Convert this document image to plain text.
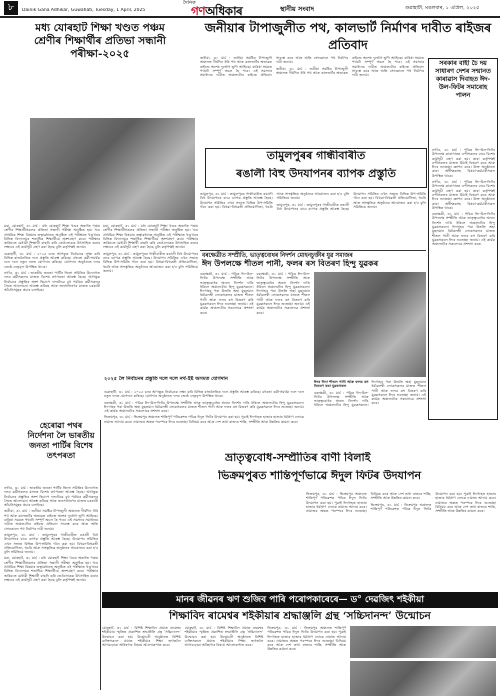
৮	Dainik Gana Adhikar, Guwahati, Tuesday, 1 April, 2025
দৈনিক
গণঅধিকাৰ	স্থানীয় সংবাদ	গুৱাহাটী, মঙলবাৰ, ১ এপ্ৰিল, ২০২৫
মধ্য যোৰহাট শিক্ষা খণ্ডত পঞ্চম শ্ৰেণীৰ শিক্ষাৰ্থীৰ প্ৰতিভা সন্ধানী পৰীক্ষা-২০২৫

মৰা, যোৰহাট, ৩১ মাৰ্চ : মধ্য যোৰহাট শিক্ষা খণ্ডৰ অন্তৰ্গত পঞ্চম শ্ৰেণীৰ শিক্ষাৰ্থীসকলৰ প্ৰতিভা সন্ধানী পৰীক্ষা অনুষ্ঠিত হয়। খণ্ড প্ৰাথমিক শিক্ষা বিষয়াৰ তত্বাৱধানত অনুষ্ঠিত এই পৰীক্ষাত খণ্ডখনৰ বিভিন্ন বিদ্যালয়ৰ শতাধিক শিক্ষাৰ্থীয়ে অংশগ্ৰহণ কৰে। পৰীক্ষাৰ জৰিয়তে মেধাৱী শিক্ষাৰ্থী বাছনি কৰি তেওঁলোকক উৎসাহিত কৰাৰ লক্ষ্যৰে এই কাৰ্যসূচী গ্ৰহণ কৰা হৈছে বুলি কৰ্তৃপক্ষই জনায়।

গুৱাহাটী, ৩১ মাৰ্চ : ২০২৫ চনৰ আগন্তুক নিৰ্বাচনক লক্ষ্য কৰি বিভিন্ন ৰাজনৈতিক দলে প্ৰস্তুতি আৰম্ভ কৰিছে। বহুতো কৰ্মী-সমৰ্থক দলে দলে নতুন দলত যোগদান কৰিছে। যোগদান অনুষ্ঠানত দলৰ জ্যেষ্ঠ নেতৃবৃন্দ উপস্থিত থাকে।

নগাঁও, ৩১ মাৰ্চ : ভাৰতীয় জনতা পাৰ্টিৰ জিলা সমিতিৰ উদ্যোগত দলৰ কৰ্মীসকলৰ মাজত বিশেষ তৎপৰতা আৰম্ভ হৈছে। আগন্তুক নিৰ্বাচনৰ প্ৰস্তুতিৰ অংশ হিচাপে দলটোৱে বুথ পৰ্যায়ৰ কৰ্মীসকলৰ সৈতে আলোচনা আৰম্ভ কৰিছে আৰু জনসাধাৰণৰ মাজত চৰকাৰী আঁচনিসমূহৰ প্ৰচাৰ চলাইছে।

মৰা, যোৰহাট, ৩১ মাৰ্চ : মধ্য যোৰহাট শিক্ষা খণ্ডৰ অন্তৰ্গত পঞ্চম শ্ৰেণীৰ শিক্ষাৰ্থীসকলৰ প্ৰতিভা সন্ধানী পৰীক্ষা অনুষ্ঠিত হয়। খণ্ড প্ৰাথমিক শিক্ষা বিষয়াৰ তত্বাৱধানত অনুষ্ঠিত এই পৰীক্ষাত খণ্ডখনৰ বিভিন্ন বিদ্যালয়ৰ শতাধিক শিক্ষাৰ্থীয়ে অংশগ্ৰহণ কৰে। পৰীক্ষাৰ জৰিয়তে মেধাৱী শিক্ষাৰ্থী বাছনি কৰি তেওঁলোকক উৎসাহিত কৰাৰ লক্ষ্যৰে এই কাৰ্যসূচী গ্ৰহণ কৰা হৈছে বুলি কৰ্তৃপক্ষই জনায়।

তামুলপুৰ, ৩১ মাৰ্চ : তামুলপুৰৰ গান্ধীবাৰীত ৰঙালী বিহু উদযাপনৰ বাবে ব্যাপক প্ৰস্তুতি আৰম্ভ হৈছে। উদযাপন সমিতিৰ এখন সভাত বিভিন্ন উপ-সমিতি গঠন কৰা হয়। বিহুৱা-বিহুৱতী প্ৰতিযোগিতা, হুচৰি আৰু সাংস্কৃতিক অনুষ্ঠানৰ আয়োজন কৰা হ'ব বুলি সমিতিয়ে জনায়।

২০২৫ লৈ নিৰ্বাচনৰ প্ৰস্তুতি দলে দলে নৰ্থ-ইষ্ট অসমত যোগদান

গুৱাহাটী, ৩১ মাৰ্চ : ২০২৫ চনৰ আগন্তুক নিৰ্বাচনক লক্ষ্য কৰি বিভিন্ন ৰাজনৈতিক দলে প্ৰস্তুতি আৰম্ভ কৰিছে। বহুতো কৰ্মী-সমৰ্থক দলে দলে নতুন দলত যোগদান কৰিছে। যোগদান অনুষ্ঠানত দলৰ জ্যেষ্ঠ নেতৃবৃন্দ উপস্থিত থাকে।

বৰক্ষেত্ৰী, ৩১ মাৰ্চ : পবিত্ৰ ঈদ-উল-ফিটৰ উপলক্ষে সম্প্ৰীতি আৰু ভাতৃত্ববোধৰ অনন্য নিদৰ্শন দাঙি ধৰিলে অঞ্চলটোৰ হিন্দু যুৱকসকলে। ঈদগাহৰ পৰা উভতি অহা মুছলমান ধৰ্মাৱলম্বী লোকসকলৰ মাজত শীতল পানী আৰু ফলৰ ৰস বিতৰণ কৰি যুৱকসকলে ঈদৰ শুভেচ্ছা জনায়। এই কাৰ্যক অঞ্চলটোৰ সকলোৱে প্ৰশংসা কৰে।

ভিক্ৰমপুৰ, ৩১ মাৰ্চ : ভিক্ৰমপুৰ অঞ্চলত শান্তিপূৰ্ণ পৰিৱেশত পবিত্ৰ ঈদুল ফিটৰ উদযাপন কৰা হয়। পুৱাই ঈদগাহত হাজাৰ হাজাৰ ধৰ্মপ্ৰাণ লোকে নামাজ আদায় কৰে। নামাজৰ অন্তত পৰস্পৰে ঈদৰ শুভেচ্ছা বিনিময় কৰে আৰু দেশ তথা ৰাজ্যৰ শান্তি, সম্প্ৰীতি আৰু উন্নতিৰ কামনা কৰে।

হেৰোৱা পথৰ নিৰ্দেশনা লৈ ভাৰতীয় জনতা পাৰ্টিৰ বিশেষ তৎপৰতা

নগাঁও, ৩১ মাৰ্চ : ভাৰতীয় জনতা পাৰ্টিৰ জিলা সমিতিৰ উদ্যোগত দলৰ কৰ্মীসকলৰ মাজত বিশেষ তৎপৰতা আৰম্ভ হৈছে। আগন্তুক নিৰ্বাচনৰ প্ৰস্তুতিৰ অংশ হিচাপে দলটোৱে বুথ পৰ্যায়ৰ কৰ্মীসকলৰ সৈতে আলোচনা আৰম্ভ কৰিছে আৰু জনসাধাৰণৰ মাজত চৰকাৰী আঁচনিসমূহৰ প্ৰচাৰ চলাইছে।

জনীয়া, ৩১ মাৰ্চ : জনীয়া সমষ্টিৰ টাপাজুলী অঞ্চলত দীৰ্ঘদিন ধৰি পথ আৰু কালভাৰ্টৰ অভাৱত ৰাইজে অশেষ দুৰ্ভোগ ভুগি আহিছে। বাৰিষা সময়ত পথটো সম্পূৰ্ণ অচল হৈ পৰে। এই সমস্যাৰ সমাধানৰ দাবীত অঞ্চলটোৰ ৰাইজে প্ৰতিবাদ সাব্যস্ত কৰে আৰু অতি সোনকালে পথ নিৰ্মাণৰ দাবী জনায়।

তামুলপুৰ, ৩১ মাৰ্চ : তামুলপুৰৰ গান্ধীবাৰীত ৰঙালী বিহু উদযাপনৰ বাবে ব্যাপক প্ৰস্তুতি আৰম্ভ হৈছে। উদযাপন সমিতিৰ এখন সভাত বিভিন্ন উপ-সমিতি গঠন কৰা হয়। বিহুৱা-বিহুৱতী প্ৰতিযোগিতা, হুচৰি আৰু সাংস্কৃতিক অনুষ্ঠানৰ আয়োজন কৰা হ'ব বুলি সমিতিয়ে জনায়।

মৰা, যোৰহাট, ৩১ মাৰ্চ : মধ্য যোৰহাট শিক্ষা খণ্ডৰ অন্তৰ্গত পঞ্চম শ্ৰেণীৰ শিক্ষাৰ্থীসকলৰ প্ৰতিভা সন্ধানী পৰীক্ষা অনুষ্ঠিত হয়। খণ্ড প্ৰাথমিক শিক্ষা বিষয়াৰ তত্বাৱধানত অনুষ্ঠিত এই পৰীক্ষাত খণ্ডখনৰ বিভিন্ন বিদ্যালয়ৰ শতাধিক শিক্ষাৰ্থীয়ে অংশগ্ৰহণ কৰে। পৰীক্ষাৰ জৰিয়তে মেধাৱী শিক্ষাৰ্থী বাছনি কৰি তেওঁলোকক উৎসাহিত কৰাৰ লক্ষ্যৰে এই কাৰ্যসূচী গ্ৰহণ কৰা হৈছে বুলি কৰ্তৃপক্ষই জনায়।

জনীয়াৰ টাপাজুলীত পথ, কালভাৰ্ট নিৰ্মাণৰ দাবীত ৰাইজৰ প্ৰতিবাদ

জনীয়া, ৩১ মাৰ্চ : জনীয়া সমষ্টিৰ টাপাজুলী অঞ্চলত দীৰ্ঘদিন ধৰি পথ আৰু কালভাৰ্টৰ অভাৱত ৰাইজে অশেষ দুৰ্ভোগ ভুগি আহিছে। বাৰিষা সময়ত পথটো সম্পূৰ্ণ অচল হৈ পৰে। এই সমস্যাৰ সমাধানৰ দাবীত অঞ্চলটোৰ ৰাইজে প্ৰতিবাদ সাব্যস্ত কৰে আৰু অতি সোনকালে পথ নিৰ্মাণৰ দাবী জনায়।

জনীয়া, ৩১ মাৰ্চ : জনীয়া সমষ্টিৰ টাপাজুলী অঞ্চলত দীৰ্ঘদিন ধৰি পথ আৰু কালভাৰ্টৰ অভাৱত ৰাইজে অশেষ দুৰ্ভোগ ভুগি আহিছে। বাৰিষা সময়ত পথটো সম্পূৰ্ণ অচল হৈ পৰে। এই সমস্যাৰ সমাধানৰ দাবীত অঞ্চলটোৰ ৰাইজে প্ৰতিবাদ সাব্যস্ত কৰে আৰু অতি সোনকালে পথ নিৰ্মাণৰ দাবী জনায়।

সৰকাৰ বাহী চৈ দয় সাধাৰণ দেশৰ সন্মানত কাৰাৱাস দিবাহত ঈদ-উল-ফিটৰ সমাৰোহ পালন

নগাঁও, ৩১ মাৰ্চ : পবিত্ৰ ঈদ-উল-ফিটৰ উপলক্ষে কাৰাগাৰত বন্দীসকলৰ বাবে বিশেষ কাৰ্যসূচী গ্ৰহণ কৰা হয়। কাৰা কৰ্তৃপক্ষই বন্দীসকলৰ মাজত মিঠাই বিতৰণ কৰে আৰু ঈদৰ শুভেচ্ছা জ্ঞাপন কৰে। উক্ত অনুষ্ঠানত কাৰা অধীক্ষকসহ বিষয়া-কৰ্মচাৰীসকল উপস্থিত থাকে।

নগাঁও, ৩১ মাৰ্চ : পবিত্ৰ ঈদ-উল-ফিটৰ উপলক্ষে কাৰাগাৰত বন্দীসকলৰ বাবে বিশেষ কাৰ্যসূচী গ্ৰহণ কৰা হয়। কাৰা কৰ্তৃপক্ষই বন্দীসকলৰ মাজত মিঠাই বিতৰণ কৰে আৰু ঈদৰ শুভেচ্ছা জ্ঞাপন কৰে। উক্ত অনুষ্ঠানত কাৰা অধীক্ষকসহ বিষয়া-কৰ্মচাৰীসকল উপস্থিত থাকে।

বৰক্ষেত্ৰী, ৩১ মাৰ্চ : পবিত্ৰ ঈদ-উল-ফিটৰ উপলক্ষে সম্প্ৰীতি আৰু ভাতৃত্ববোধৰ অনন্য নিদৰ্শন দাঙি ধৰিলে অঞ্চলটোৰ হিন্দু যুৱকসকলে। ঈদগাহৰ পৰা উভতি অহা মুছলমান ধৰ্মাৱলম্বী লোকসকলৰ মাজত শীতল পানী আৰু ফলৰ ৰস বিতৰণ কৰি যুৱকসকলে ঈদৰ শুভেচ্ছা জনায়। এই কাৰ্যক অঞ্চলটোৰ সকলোৱে প্ৰশংসা কৰে।

তামুলপুৰৰ গান্ধীবাৰীত
ৰঙালী বিহু উদযাপনৰ ব্যাপক প্ৰস্তুতি

তামুলপুৰ, ৩১ মাৰ্চ : তামুলপুৰৰ গান্ধীবাৰীত ৰঙালী বিহু উদযাপনৰ বাবে ব্যাপক প্ৰস্তুতি আৰম্ভ হৈছে। উদযাপন সমিতিৰ এখন সভাত বিভিন্ন উপ-সমিতি গঠন কৰা হয়। বিহুৱা-বিহুৱতী প্ৰতিযোগিতা, হুচৰি আৰু সাংস্কৃতিক অনুষ্ঠানৰ আয়োজন কৰা হ'ব বুলি সমিতিয়ে জনায়।

তামুলপুৰ, ৩১ মাৰ্চ : তামুলপুৰৰ গান্ধীবাৰীত ৰঙালী বিহু উদযাপনৰ বাবে ব্যাপক প্ৰস্তুতি আৰম্ভ হৈছে। উদযাপন সমিতিৰ এখন সভাত বিভিন্ন উপ-সমিতি গঠন কৰা হয়। বিহুৱা-বিহুৱতী প্ৰতিযোগিতা, হুচৰি আৰু সাংস্কৃতিক অনুষ্ঠানৰ আয়োজন কৰা হ'ব বুলি সমিতিয়ে জনায়।

বৰক্ষেত্ৰীত সম্প্ৰীতি, ভাতৃত্ববোধৰ নিদৰ্শন মোহনচুক্তীৰ যুৱ সমাজৰ
ঈদ উপলক্ষে শীতল পানী, ফলৰ ৰস বিতৰণ হিন্দু যুৱকৰ

বৰক্ষেত্ৰী, ৩১ মাৰ্চ : পবিত্ৰ ঈদ-উল-ফিটৰ উপলক্ষে সম্প্ৰীতি আৰু ভাতৃত্ববোধৰ অনন্য নিদৰ্শন দাঙি ধৰিলে অঞ্চলটোৰ হিন্দু যুৱকসকলে। ঈদগাহৰ পৰা উভতি অহা মুছলমান ধৰ্মাৱলম্বী লোকসকলৰ মাজত শীতল পানী আৰু ফলৰ ৰস বিতৰণ কৰি যুৱকসকলে ঈদৰ শুভেচ্ছা জনায়। এই কাৰ্যক অঞ্চলটোৰ সকলোৱে প্ৰশংসা কৰে।

বৰক্ষেত্ৰী, ৩১ মাৰ্চ : পবিত্ৰ ঈদ-উল-ফিটৰ উপলক্ষে সম্প্ৰীতি আৰু ভাতৃত্ববোধৰ অনন্য নিদৰ্শন দাঙি ধৰিলে অঞ্চলটোৰ হিন্দু যুৱকসকলে। ঈদগাহৰ পৰা উভতি অহা মুছলমান ধৰ্মাৱলম্বী লোকসকলৰ মাজত শীতল পানী আৰু ফলৰ ৰস বিতৰণ কৰি যুৱকসকলে ঈদৰ শুভেচ্ছা জনায়। এই কাৰ্যক অঞ্চলটোৰ সকলোৱে প্ৰশংসা কৰে।

ঈদৰ দিনা শীতল পানী আৰু ফলৰ ৰস বিতৰণ কৰা যুৱকসকল

বৰক্ষেত্ৰী, ৩১ মাৰ্চ : পবিত্ৰ ঈদ-উল-ফিটৰ উপলক্ষে সম্প্ৰীতি আৰু ভাতৃত্ববোধৰ অনন্য নিদৰ্শন দাঙি ধৰিলে অঞ্চলটোৰ হিন্দু যুৱকসকলে। ঈদগাহৰ পৰা উভতি অহা মুছলমান ধৰ্মাৱলম্বী লোকসকলৰ মাজত শীতল পানী আৰু ফলৰ ৰস বিতৰণ কৰি যুৱকসকলে ঈদৰ শুভেচ্ছা জনায়। এই কাৰ্যক অঞ্চলটোৰ সকলোৱে প্ৰশংসা কৰে।

ভ্ৰাতৃত্ববোধ-সম্প্ৰীতিৰ বাণী বিলাই
ভিক্ৰমপুৰত শান্তিপূৰ্ণভাৱে ঈদুল ফিটৰ উদযাপন

ভিক্ৰমপুৰ, ৩১ মাৰ্চ : ভিক্ৰমপুৰ অঞ্চলত শান্তিপূৰ্ণ পৰিৱেশত পবিত্ৰ ঈদুল ফিটৰ উদযাপন কৰা হয়। পুৱাই ঈদগাহত হাজাৰ হাজাৰ ধৰ্মপ্ৰাণ লোকে নামাজ আদায় কৰে। নামাজৰ অন্তত পৰস্পৰে ঈদৰ শুভেচ্ছা বিনিময় কৰে আৰু দেশ তথা ৰাজ্যৰ শান্তি, সম্প্ৰীতি আৰু উন্নতিৰ কামনা কৰে।

ভিক্ৰমপুৰ, ৩১ মাৰ্চ : ভিক্ৰমপুৰ অঞ্চলত শান্তিপূৰ্ণ পৰিৱেশত পবিত্ৰ ঈদুল ফিটৰ উদযাপন কৰা হয়। পুৱাই ঈদগাহত হাজাৰ হাজাৰ ধৰ্মপ্ৰাণ লোকে নামাজ আদায় কৰে। নামাজৰ অন্তত পৰস্পৰে ঈদৰ শুভেচ্ছা বিনিময় কৰে আৰু দেশ তথা ৰাজ্যৰ শান্তি, সম্প্ৰীতি আৰু উন্নতিৰ কামনা কৰে।

মানৰ জীৱনৰ ঋণ শুজিব পাৰি পৰোপকাৰেৰে— ড° দেৱজিৎ শইকীয়া
শিক্ষাবিদ ৰামেশ্বৰ শইকীয়াৰ শ্ৰদ্ধাঞ্জলি গ্ৰন্থ ‘সচ্চিদানন্দ’ উন্মোচন

যোৰহাট, ৩১ মাৰ্চ : বিশিষ্ট শিক্ষাবিদ প্ৰয়াত ৰামেশ্বৰ শইকীয়াৰ স্মৃতিত প্ৰকাশিত শ্ৰদ্ধাঞ্জলি গ্ৰন্থ ‘সচ্চিদানন্দ’ উন্মোচন কৰা হয়। উন্মোচনী অনুষ্ঠানত বিশিষ্ট ব্যক্তিসকলে প্ৰয়াত শইকীয়াৰ শিক্ষা জগতলৈ আগবঢ়োৱা অৰিহণাৰ বিষয়ে আলোকপাত কৰে।

যোৰহাট, ৩১ মাৰ্চ : বিশিষ্ট শিক্ষাবিদ প্ৰয়াত ৰামেশ্বৰ শইকীয়াৰ স্মৃতিত প্ৰকাশিত শ্ৰদ্ধাঞ্জলি গ্ৰন্থ ‘সচ্চিদানন্দ’ উন্মোচন কৰা হয়। উন্মোচনী অনুষ্ঠানত বিশিষ্ট ব্যক্তিসকলে প্ৰয়াত শইকীয়াৰ শিক্ষা জগতলৈ আগবঢ়োৱা অৰিহণাৰ বিষয়ে আলোকপাত কৰে।

ভিক্ৰমপুৰ, ৩১ মাৰ্চ : ভিক্ৰমপুৰ অঞ্চলত শান্তিপূৰ্ণ পৰিৱেশত পবিত্ৰ ঈদুল ফিটৰ উদযাপন কৰা হয়। পুৱাই ঈদগাহত হাজাৰ হাজাৰ ধৰ্মপ্ৰাণ লোকে নামাজ আদায় কৰে। নামাজৰ অন্তত পৰস্পৰে ঈদৰ শুভেচ্ছা বিনিময় কৰে আৰু দেশ তথা ৰাজ্যৰ শান্তি, সম্প্ৰীতি আৰু উন্নতিৰ কামনা কৰে।
